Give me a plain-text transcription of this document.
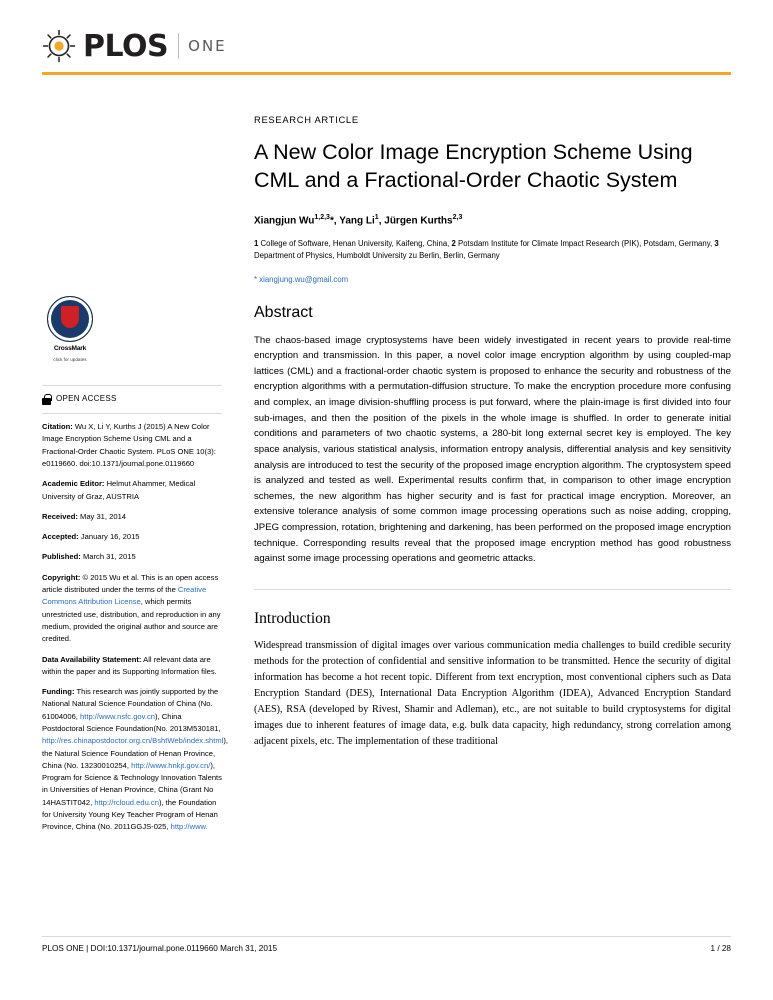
PLOS ONE
CrossMark
click for updates
OPEN ACCESS

Citation: Wu X, Li Y, Kurths J (2015) A New Color Image Encryption Scheme Using CML and a Fractional-Order Chaotic System. PLoS ONE 10(3): e0119660. doi:10.1371/journal.pone.0119660

Academic Editor: Helmut Ahammer, Medical University of Graz, AUSTRIA

Received: May 31, 2014

Accepted: January 16, 2015

Published: March 31, 2015

Copyright: © 2015 Wu et al. This is an open access article distributed under the terms of the Creative Commons Attribution License, which permits unrestricted use, distribution, and reproduction in any medium, provided the original author and source are credited.

Data Availability Statement: All relevant data are within the paper and its Supporting Information files.

Funding: This research was jointly supported by the National Natural Science Foundation of China (No. 61004006, http://www.nsfc.gov.cn), China Postdoctoral Science Foundation(No. 2013M530181, http://res.chinapostdoctor.org.cn/BshtWeb/index.shtml), the Natural Science Foundation of Henan Province, China (No. 13230010254, http://www.hnkjt.gov.cn/), Program for Science & Technology Innovation Talents in Universities of Henan Province, China (Grant No 14HASTIT042, http://rcloud.edu.cn), the Foundation for University Young Key Teacher Program of Henan Province, China (No. 2011GGJS-025, http://www.

RESEARCH ARTICLE
A New Color Image Encryption Scheme Using CML and a Fractional-Order Chaotic System
Xiangjun Wu$^{1,2,3}$*, Yang Li$^1$, Jürgen Kurths$^{2,3}$
1 College of Software, Henan University, Kaifeng, China, 2 Potsdam Institute for Climate Impact Research (PIK), Potsdam, Germany, 3 Department of Physics, Humboldt University zu Berlin, Berlin, Germany
* xiangjung.wu@gmail.com
Abstract

The chaos-based image cryptosystems have been widely investigated in recent years to provide real-time encryption and transmission. In this paper, a novel color image encryption algorithm by using coupled-map lattices (CML) and a fractional-order chaotic system is proposed to enhance the security and robustness of the encryption algorithms with a permutation-diffusion structure. To make the encryption procedure more confusing and complex, an image division-shuffling process is put forward, where the plain-image is first divided into four sub-images, and then the position of the pixels in the whole image is shuffled. In order to generate initial conditions and parameters of two chaotic systems, a 280-bit long external secret key is employed. The key space analysis, various statistical analysis, information entropy analysis, differential analysis and key sensitivity analysis are introduced to test the security of the proposed image encryption algorithm. The cryptosystem speed is analyzed and tested as well. Experimental results confirm that, in comparison to other image encryption schemes, the new algorithm has higher security and is fast for practical image encryption. Moreover, an extensive tolerance analysis of some common image processing operations such as noise adding, cropping, JPEG compression, rotation, brightening and darkening, has been performed on the proposed image encryption technique. Corresponding results reveal that the proposed image encryption method has good robustness against some image processing operations and geometric attacks.

Introduction

Widespread transmission of digital images over various communication media challenges to build credible security methods for the protection of confidential and sensitive information to be transmitted. Hence the security of digital information has become a hot recent topic. Different from text encryption, most conventional ciphers such as Data Encryption Standard (DES), International Data Encryption Algorithm (IDEA), Advanced Encryption Standard (AES), RSA (developed by Rivest, Shamir and Adleman), etc., are not suitable to build cryptosystems for digital images due to inherent features of image data, e.g. bulk data capacity, high redundancy, strong correlation among adjacent pixels, etc. The implementation of these traditional

PLOS ONE | DOI:10.1371/journal.pone.0119660 March 31, 2015	1 / 28
